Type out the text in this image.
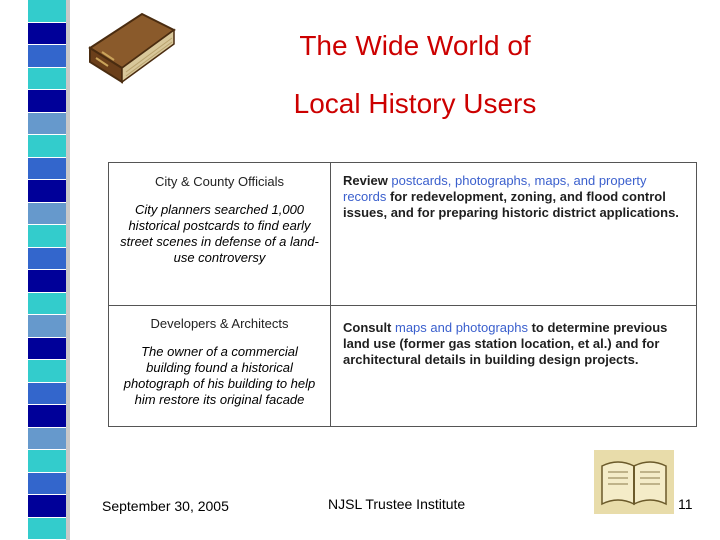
The Wide World of
Local History Users
City & County Officials
City planners searched 1,000 historical postcards to find early street scenes in defense of a land-use controversy	Review postcards, photographs, maps, and property records for redevelopment, zoning, and flood control issues, and for preparing historic district applications.

Developers & Architects
The owner of a commercial building found a historical photograph of his building to help him restore its original facade	Consult maps and photographs to determine previous land use (former gas station location, et al.) and for architectural details in building design projects.
September 30, 2005	NJSL Trustee Institute	11
